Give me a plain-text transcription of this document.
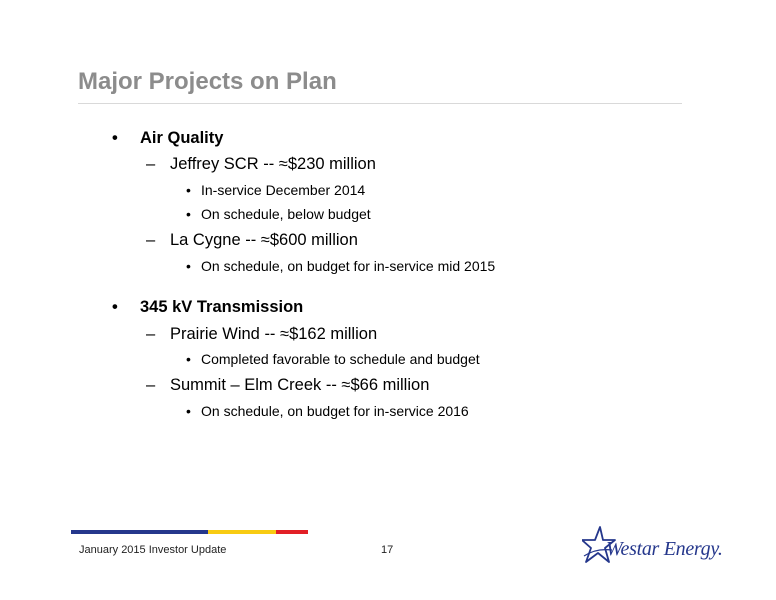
Major Projects on Plan
• Air Quality
– Jeffrey SCR -- ≈$230 million
• In-service December 2014
• On schedule, below budget
– La Cygne -- ≈$600 million
• On schedule, on budget for in-service mid 2015
• 345 kV Transmission
– Prairie Wind -- ≈$162 million
• Completed favorable to schedule and budget
– Summit – Elm Creek -- ≈$66 million
• On schedule, on budget for in-service 2016
January 2015 Investor Update	17	Westar Energy.
